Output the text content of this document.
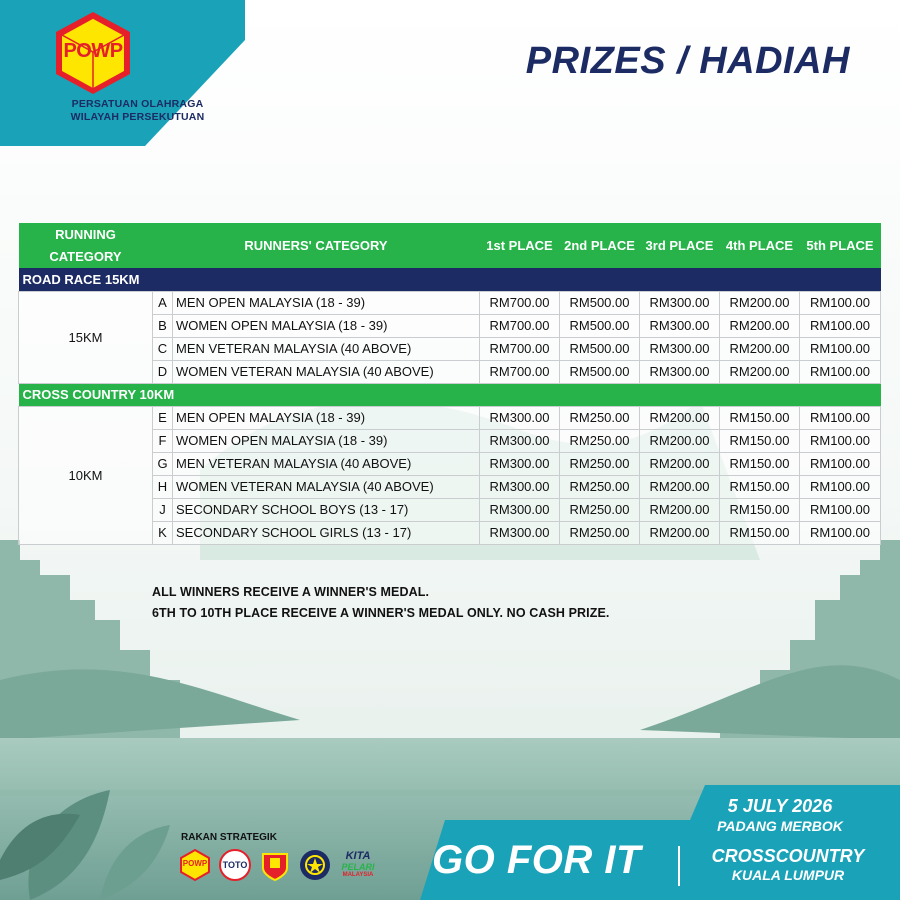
POWP
PERSATUAN OLAHRAGA
WILAYAH PERSEKUTUAN
PRIZES / HADIAH
RUNNING
CATEGORY	RUNNERS' CATEGORY		1st PLACE	2nd PLACE	3rd PLACE	4th PLACE	5th PLACE
ROAD RACE 15KM							
15KM	A	MEN OPEN MALAYSIA (18 - 39)	RM700.00	RM500.00	RM300.00	RM200.00	RM100.00
	B	WOMEN OPEN MALAYSIA (18 - 39)	RM700.00	RM500.00	RM300.00	RM200.00	RM100.00
	C	MEN VETERAN MALAYSIA (40 ABOVE)	RM700.00	RM500.00	RM300.00	RM200.00	RM100.00
	D	WOMEN VETERAN MALAYSIA (40 ABOVE)	RM700.00	RM500.00	RM300.00	RM200.00	RM100.00
CROSS COUNTRY 10KM							
10KM	E	MEN OPEN MALAYSIA (18 - 39)	RM300.00	RM250.00	RM200.00	RM150.00	RM100.00
	F	WOMEN OPEN MALAYSIA (18 - 39)	RM300.00	RM250.00	RM200.00	RM150.00	RM100.00
	G	MEN VETERAN MALAYSIA (40 ABOVE)	RM300.00	RM250.00	RM200.00	RM150.00	RM100.00
	H	WOMEN VETERAN MALAYSIA (40 ABOVE)	RM300.00	RM250.00	RM200.00	RM150.00	RM100.00
	J	SECONDARY SCHOOL BOYS (13 - 17)	RM300.00	RM250.00	RM200.00	RM150.00	RM100.00
	K	SECONDARY SCHOOL GIRLS (13 - 17)	RM300.00	RM250.00	RM200.00	RM150.00	RM100.00
ALL WINNERS RECEIVE A WINNER'S MEDAL.
6TH TO 10TH PLACE RECEIVE A WINNER'S MEDAL ONLY. NO CASH PRIZE.
RAKAN STRATEGIK
POWP	TOTO
KITA
PELARI
MALAYSIA GO FOR IT
5 JULY 2026
PADANG MERBOK
CROSSCOUNTRY
KUALA LUMPUR
